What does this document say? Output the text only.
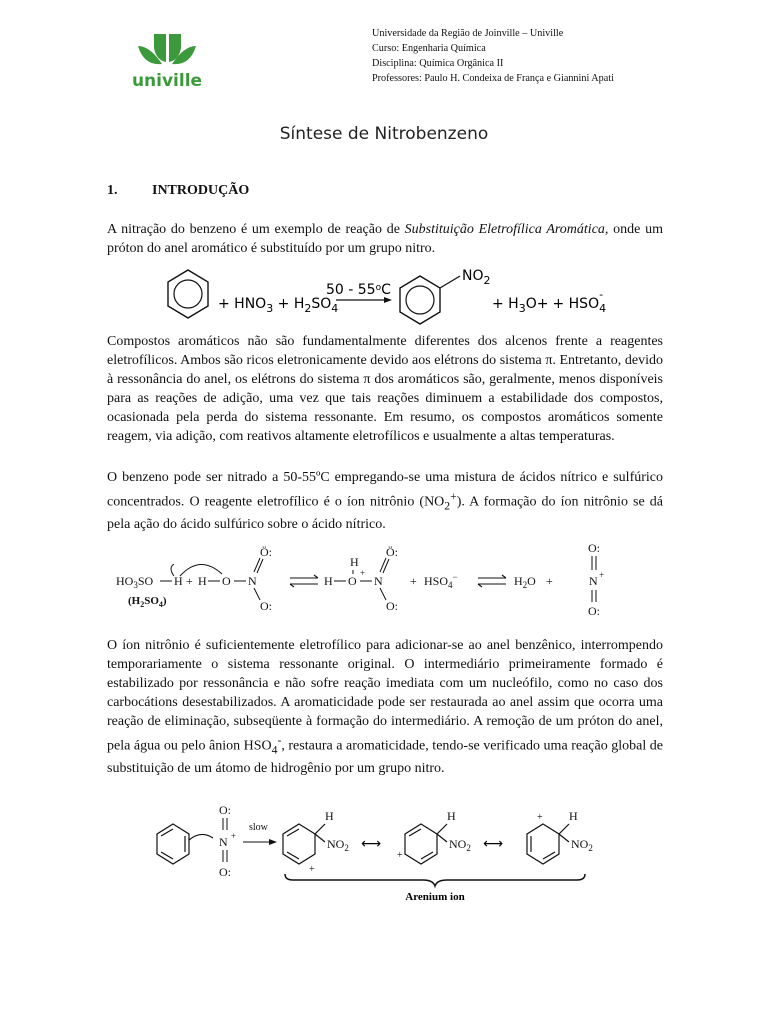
univille
Universidade da Região de Joinville – Univille
Curso: Engenharia Química
Disciplina: Química Orgânica II
Professores: Paulo H. Condeixa de França e Giannini Apati
Síntese de Nitrobenzeno
1. INTRODUÇÃO
A nitração do benzeno é um exemplo de reação de Substituição Eletrofílica Aromática, onde um próton do anel aromático é substituído por um grupo nitro.
+ $HNO_3 + H_2SO_4$
50 - 55$^o$C
$NO_2$
+ $H_3O+ + HSO_4-$
Compostos aromáticos não são fundamentalmente diferentes dos alcenos frente a reagentes eletrofílicos. Ambos são ricos eletronicamente devido aos elétrons do sistema π. Entretanto, devido à ressonância do anel, os elétrons do sistema π dos aromáticos são, geralmente, menos disponíveis para as reações de adição, uma vez que tais reações diminuem a estabilidade dos compostos, ocasionada pela perda do sistema ressonante. Em resumo, os compostos aromáticos somente reagem, via adição, com reativos altamente eletrofílicos e usualmente a altas temperaturas.
O benzeno pode ser nitrado a 50-55ºC empregando-se uma mistura de ácidos nítrico e sulfúrico concentrados. O reagente eletrofílico é o íon nitrônio $(NO_2^+)$. A formação do íon nitrônio se dá pela ação do ácido sulfúrico sobre o ácido nítrico.
$HO_3SO$ H + H O N
Ö:
O:
$(H_2SO_4)$
H O
H
+
N
Ö:
O:
+ $HSO_4^-$	$H_2O$ +
O:
N +
O:
O íon nitrônio é suficientemente eletrofílico para adicionar-se ao anel benzênico, interrompendo temporariamente o sistema ressonante original. O intermediário primeiramente formado é estabilizado por ressonância e não sofre reação imediata com um nucleófilo, como no caso dos carbocátions desestabilizados. A aromaticidade pode ser restaurada ao anel assim que ocorra uma reação de eliminação, subseqüente à formação do intermediário. A remoção de um próton do anel, pela água ou pelo ânion $HSO_4^-$, restaura a aromaticidade, tendo-se verificado uma reação global de substituição de um átomo de hidrogênio por um grupo nitro.
O:
N +
O:
slow
H
$NO_2$
+
⟷
H
$NO_2$
+
⟷
H
$NO_2$
+
Arenium ion
